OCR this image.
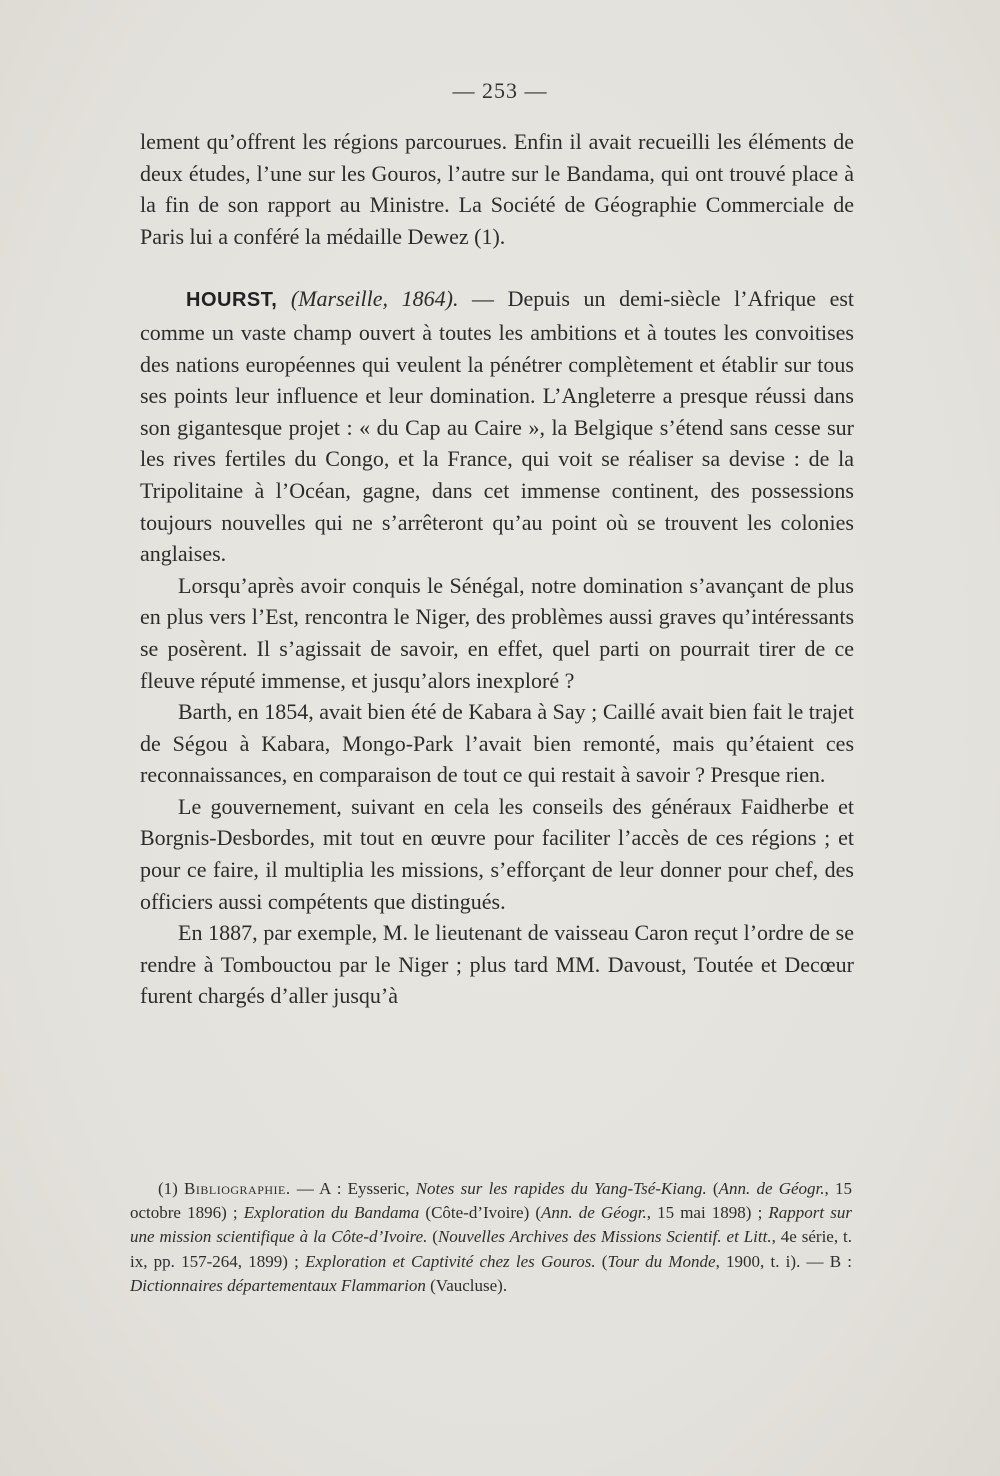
— 253 —

lement qu’offrent les régions parcourues. Enfin il avait recueilli les éléments de deux études, l’une sur les Gouros, l’autre sur le Bandama, qui ont trouvé place à la fin de son rapport au Ministre. La Société de Géographie Commerciale de Paris lui a conféré la médaille Dewez (1).

HOURST, (Marseille, 1864). — Depuis un demi-siècle l’Afrique est comme un vaste champ ouvert à toutes les ambitions et à toutes les convoitises des nations européennes qui veulent la pénétrer complètement et établir sur tous ses points leur influence et leur domination. L’Angleterre a presque réussi dans son gigantesque projet : « du Cap au Caire », la Belgique s’étend sans cesse sur les rives fertiles du Congo, et la France, qui voit se réaliser sa devise : de la Tripolitaine à l’Océan, gagne, dans cet immense continent, des possessions toujours nouvelles qui ne s’arrêteront qu’au point où se trouvent les colonies anglaises.

Lorsqu’après avoir conquis le Sénégal, notre domination s’avançant de plus en plus vers l’Est, rencontra le Niger, des problèmes aussi graves qu’intéressants se posèrent. Il s’agissait de savoir, en effet, quel parti on pourrait tirer de ce fleuve réputé immense, et jusqu’alors inexploré ?

Barth, en 1854, avait bien été de Kabara à Say ; Caillé avait bien fait le trajet de Ségou à Kabara, Mongo-Park l’avait bien remonté, mais qu’étaient ces reconnaissances, en comparaison de tout ce qui restait à savoir ? Presque rien.

Le gouvernement, suivant en cela les conseils des généraux Faidherbe et Borgnis-Desbordes, mit tout en œuvre pour faciliter l’accès de ces régions ; et pour ce faire, il multiplia les missions, s’efforçant de leur donner pour chef, des officiers aussi compétents que distingués.

En 1887, par exemple, M. le lieutenant de vaisseau Caron reçut l’ordre de se rendre à Tombouctou par le Niger ; plus tard MM. Davoust, Toutée et Decœur furent chargés d’aller jusqu’à

(1) Bibliographie. — A : Eysseric, Notes sur les rapides du Yang-Tsé-Kiang. (Ann. de Géogr., 15 octobre 1896) ; Exploration du Bandama (Côte-d’Ivoire) (Ann. de Géogr., 15 mai 1898) ; Rapport sur une mission scientifique à la Côte-d’Ivoire. (Nouvelles Archives des Missions Scientif. et Litt., 4e série, t. ix, pp. 157-264, 1899) ; Exploration et Captivité chez les Gouros. (Tour du Monde, 1900, t. i). — B : Dictionnaires départementaux Flammarion (Vaucluse).
